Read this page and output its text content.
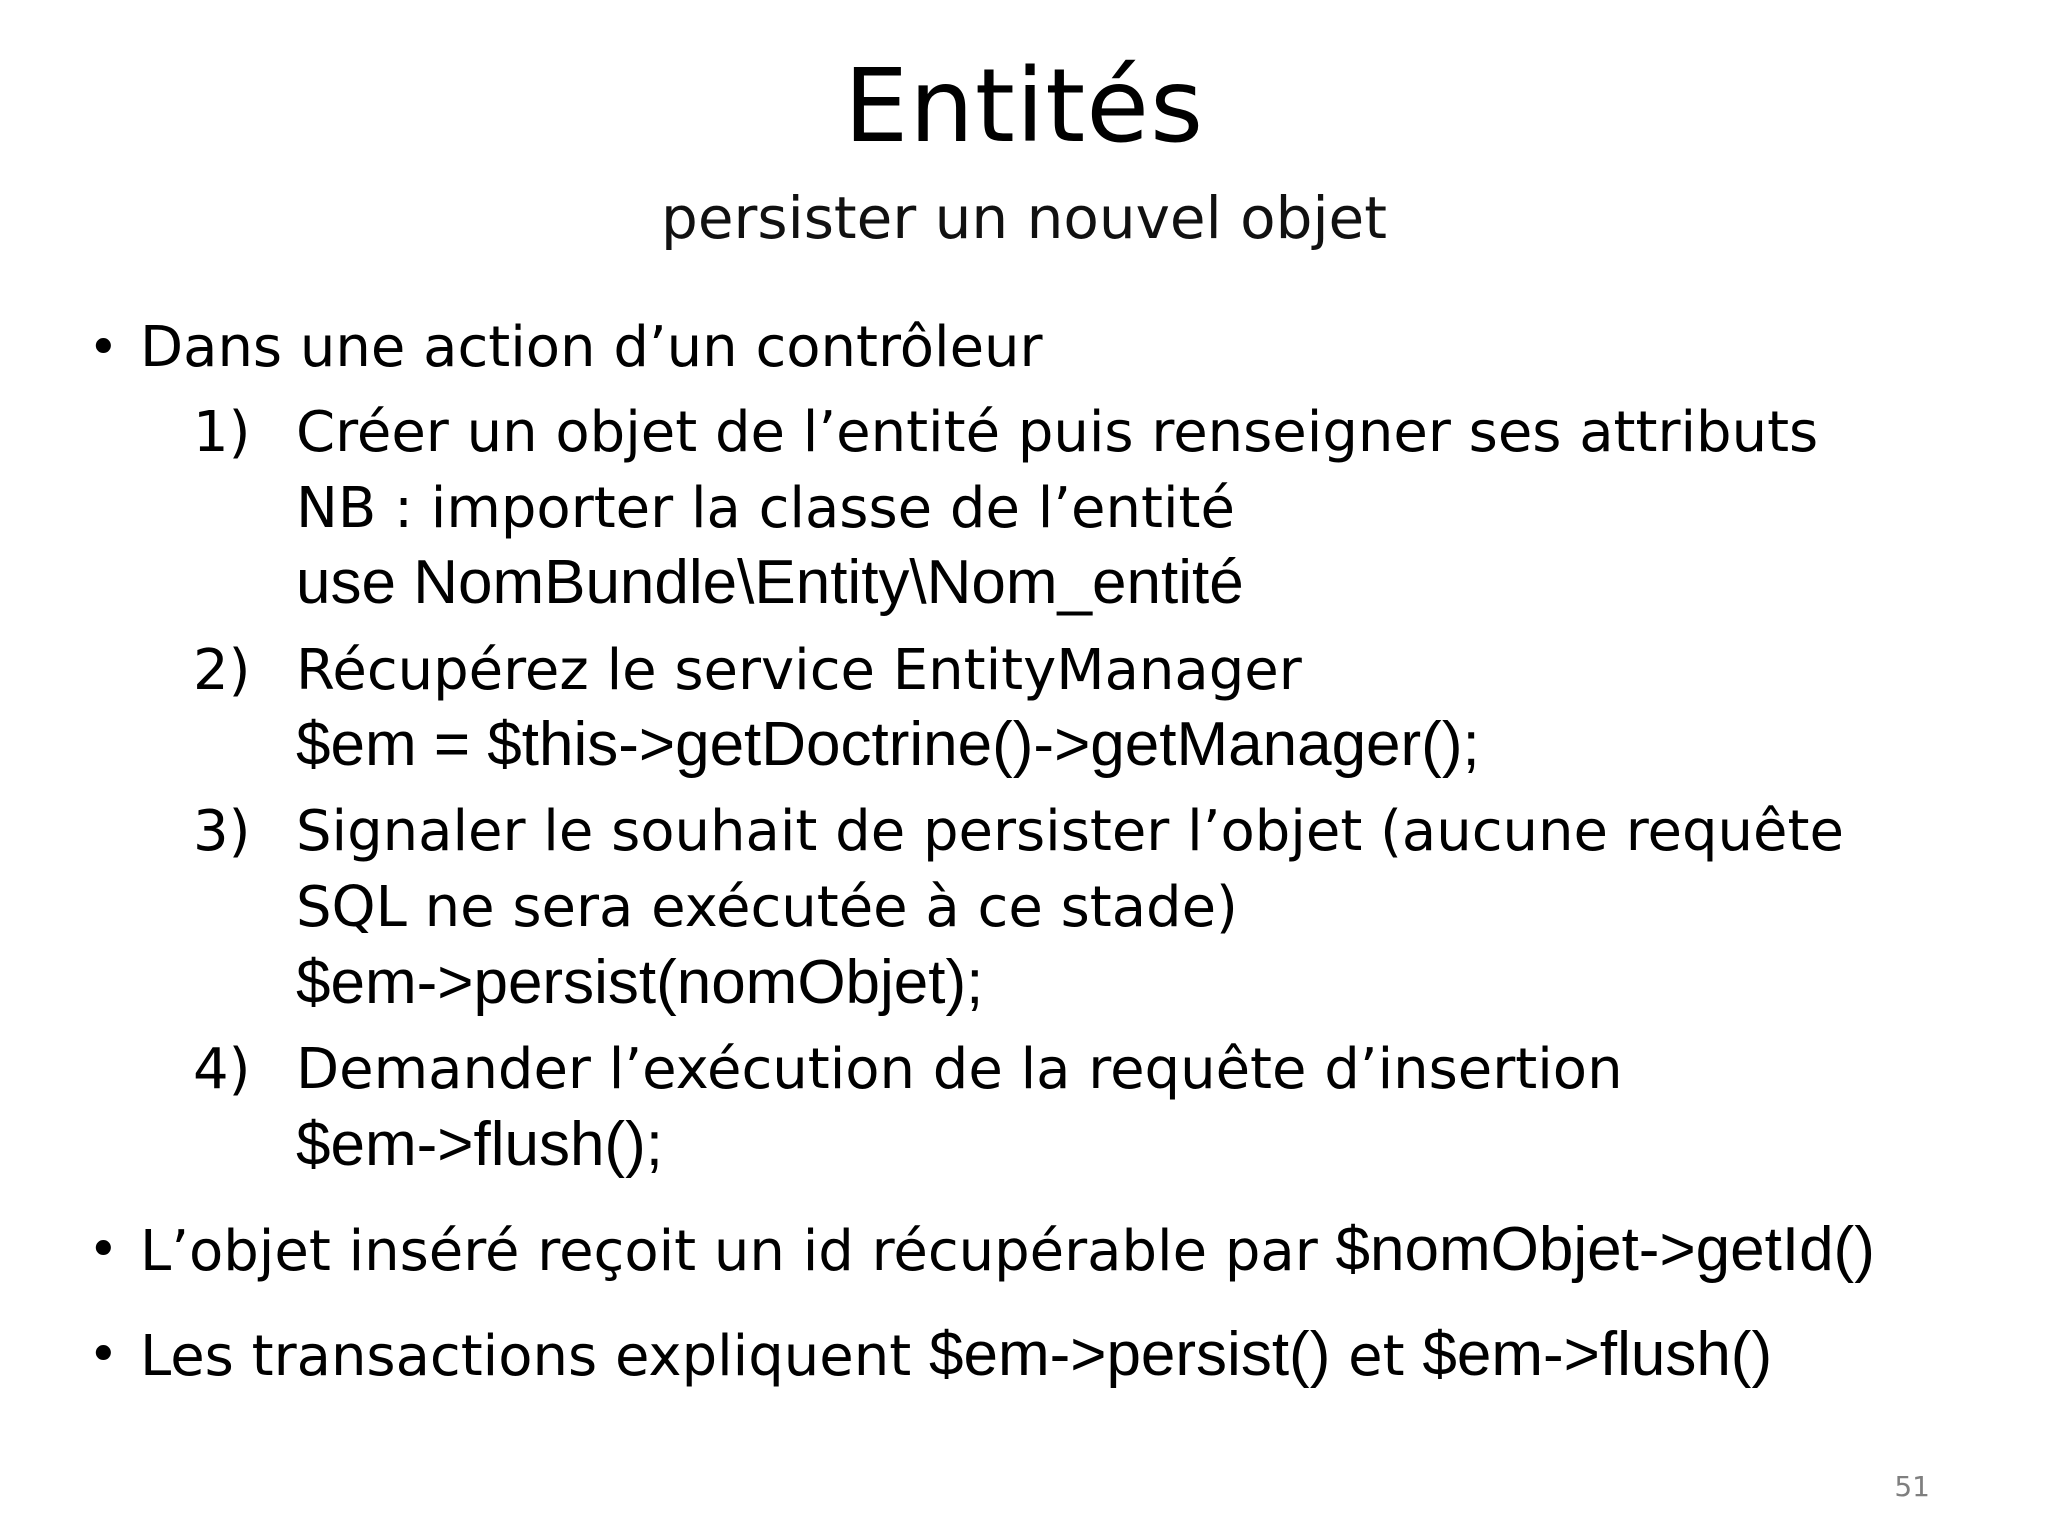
Entités
persister un nouvel objet
• Dans une action d’un contrôleur
1) Créer un objet de l’entité puis renseigner ses attributs
NB : importer la classe de l’entité
use NomBundle\Entity\Nom_entité
2) Récupérez le service EntityManager
$em = $this->getDoctrine()->getManager();
3) Signaler le souhait de persister l’objet (aucune requête
SQL ne sera exécutée à ce stade)
$em->persist(nomObjet);
4) Demander l’exécution de la requête d’insertion
$em->flush();
• L’objet inséré reçoit un id récupérable par $nomObjet->getId()
• Les transactions expliquent $em->persist() et $em->flush()
51
